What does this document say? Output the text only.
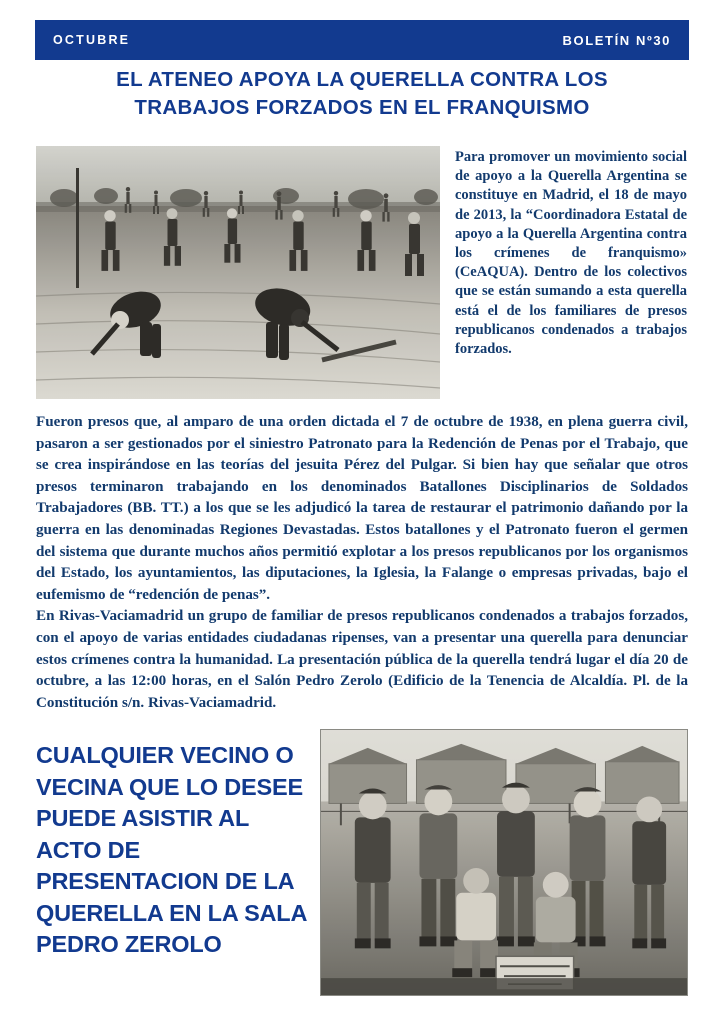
OCTUBRE	BOLETÍN Nº30
EL ATENEO APOYA LA QUERELLA CONTRA LOS
TRABAJOS FORZADOS EN EL FRANQUISMO
Para promover un movimiento social de apoyo a la Querella Argentina se constituye en Madrid, el 18 de mayo de 2013, la “Coordinadora Estatal de apoyo a la Querella Argentina contra los crímenes de franquismo» (CeAQUA). Dentro de los colectivos que se están sumando a esta querella está el de los familiares de presos republicanos condenados a trabajos forzados.

Fueron presos que, al amparo de una orden dictada el 7 de octubre de 1938, en plena guerra civil, pasaron a ser gestionados por el siniestro Patronato para la Redención de Penas por el Trabajo, que se crea inspirándose en las teorías del jesuita Pérez del Pulgar. Si bien hay que señalar que otros presos terminaron trabajando en los denominados Batallones Disciplinarios de Soldados Trabajadores (BB. TT.) a los que se les adjudicó la tarea de restaurar el patrimonio dañando por la guerra en las denominadas Regiones Devastadas. Estos batallones y el Patronato fueron el germen del sistema que durante muchos años permitió explotar a los presos republicanos por los organismos del Estado, los ayuntamientos, las diputaciones, la Iglesia, la Falange o empresas privadas, bajo el eufemismo de “redención de penas”.

En Rivas-Vaciamadrid un grupo de familiar de presos republicanos condenados a trabajos forzados, con el apoyo de varias entidades ciudadanas ripenses, van a presentar una querella para denunciar estos crímenes contra la humanidad. La presentación pública de la querella tendrá lugar el día 20 de octubre, a las 12:00 horas, en el Salón Pedro Zerolo (Edificio de la Tenencia de Alcaldía. Pl. de la Constitución s/n. Rivas-Vaciamadrid.

CUALQUIER VECINO O VECINA QUE LO DESEE PUEDE ASISTIR AL ACTO DE PRESENTACION DE LA QUERELLA EN LA SALA PEDRO ZEROLO
